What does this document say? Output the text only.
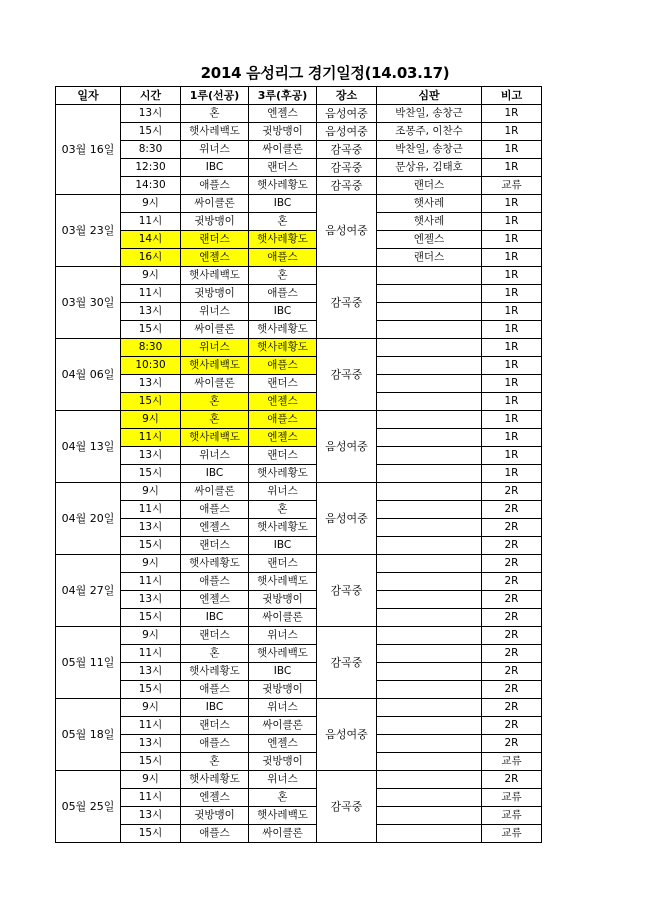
2014 음성리그 경기일정(14.03.17)
일자	시간	1루(선공)	3루(후공)	장소	심판	비고
03월 16일	13시	혼	엔젤스	음성여중	박찬일, 송창근	1R
	15시	햇사레백도	귓방맹이	음성여중	조몽주, 이찬수	1R
	8:30	위너스	싸이클론	감곡중	박찬일, 송창근	1R
	12:30	IBC	랜더스	감곡중	문상유, 김태호	1R
	14:30	애플스	햇사레황도	감곡중	랜더스	교류
03월 23일	9시	싸이클론	IBC	음성여중	햇사레	1R
	11시	귓방맹이	혼		햇사레	1R
	14시	랜더스	햇사레황도		엔젤스	1R
	16시	엔젤스	애플스		랜더스	1R
03월 30일	9시	햇사레백도	혼	감곡중		1R
	11시	귓방맹이	애플스			1R
	13시	위너스	IBC			1R
	15시	싸이클론	햇사레황도			1R
04월 06일	8:30	위너스	햇사레황도	감곡중		1R
	10:30	햇사레백도	애플스			1R
	13시	싸이클론	랜더스			1R
	15시	혼	엔젤스			1R
04월 13일	9시	혼	애플스	음성여중		1R
	11시	햇사레백도	엔젤스			1R
	13시	위너스	랜더스			1R
	15시	IBC	햇사레황도			1R
04월 20일	9시	싸이클론	위너스	음성여중		2R
	11시	애플스	혼			2R
	13시	엔젤스	햇사레황도			2R
	15시	랜더스	IBC			2R
04월 27일	9시	햇사레황도	랜더스	감곡중		2R
	11시	애플스	햇사레백도			2R
	13시	엔젤스	귓방맹이			2R
	15시	IBC	싸이클론			2R
05월 11일	9시	랜더스	위너스	감곡중		2R
	11시	혼	햇사레백도			2R
	13시	햇사레황도	IBC			2R
	15시	애플스	귓방맹이			2R
05월 18일	9시	IBC	위너스	음성여중		2R
	11시	랜더스	싸이클론			2R
	13시	애플스	엔젤스			2R
	15시	혼	귓방맹이			교류
05월 25일	9시	햇사레황도	위너스	감곡중		2R
	11시	엔젤스	혼			교류
	13시	귓방맹이	햇사레백도			교류
	15시	애플스	싸이클론			교류
